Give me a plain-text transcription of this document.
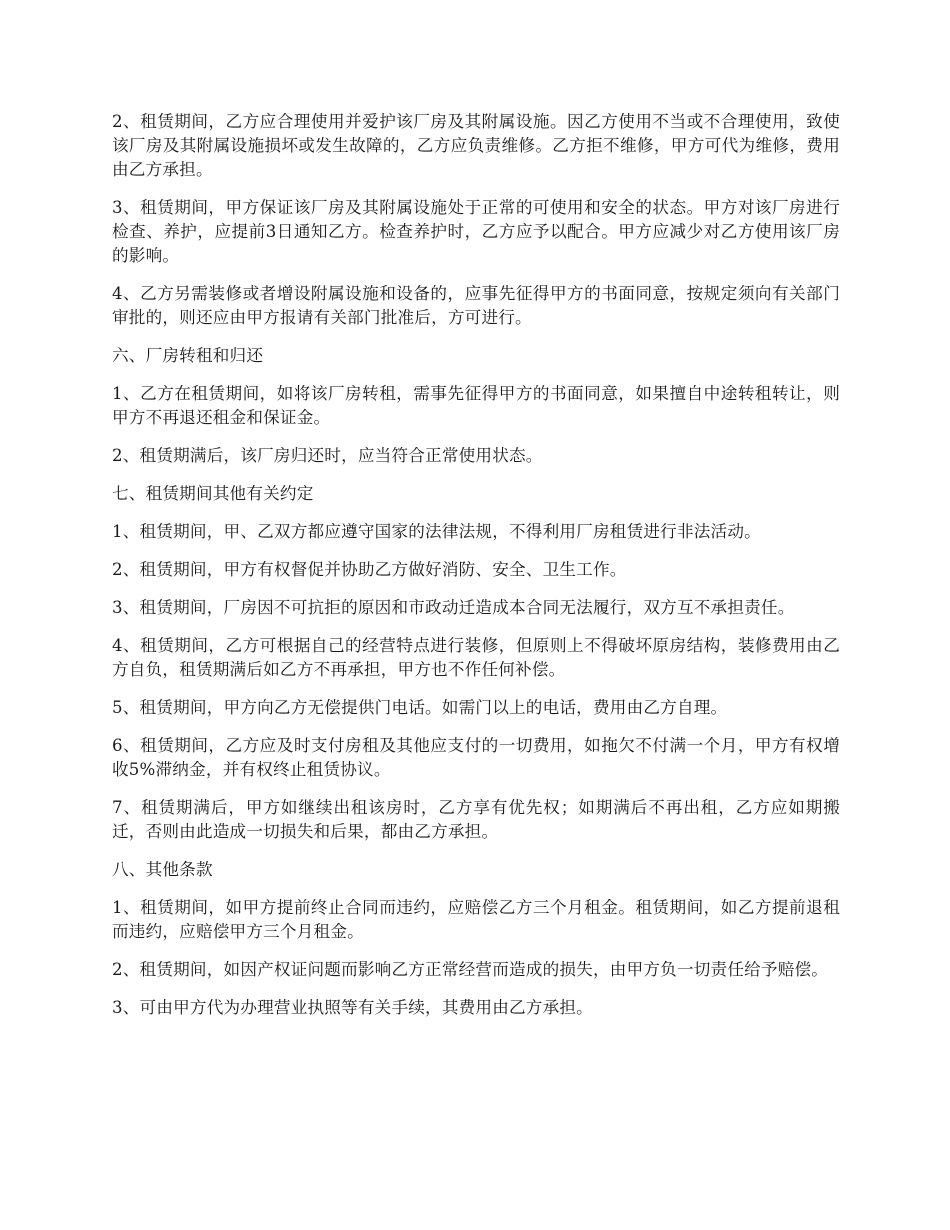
2、租赁期间，乙方应合理使用并爱护该厂房及其附属设施。因乙方使用不当或不合理使用，致使该厂房及其附属设施损坏或发生故障的，乙方应负责维修。乙方拒不维修，甲方可代为维修，费用由乙方承担。

3、租赁期间，甲方保证该厂房及其附属设施处于正常的可使用和安全的状态。甲方对该厂房进行检查、养护，应提前3日通知乙方。检查养护时，乙方应予以配合。甲方应减少对乙方使用该厂房的影响。

4、乙方另需装修或者增设附属设施和设备的，应事先征得甲方的书面同意，按规定须向有关部门审批的，则还应由甲方报请有关部门批准后，方可进行。

六、厂房转租和归还

1、乙方在租赁期间，如将该厂房转租，需事先征得甲方的书面同意，如果擅自中途转租转让，则甲方不再退还租金和保证金。

2、租赁期满后，该厂房归还时，应当符合正常使用状态。

七、租赁期间其他有关约定

1、租赁期间，甲、乙双方都应遵守国家的法律法规，不得利用厂房租赁进行非法活动。

2、租赁期间，甲方有权督促并协助乙方做好消防、安全、卫生工作。

3、租赁期间，厂房因不可抗拒的原因和市政动迁造成本合同无法履行，双方互不承担责任。

4、租赁期间，乙方可根据自己的经营特点进行装修，但原则上不得破坏原房结构，装修费用由乙方自负，租赁期满后如乙方不再承担，甲方也不作任何补偿。

5、租赁期间，甲方向乙方无偿提供门电话。如需门以上的电话，费用由乙方自理。

6、租赁期间，乙方应及时支付房租及其他应支付的一切费用，如拖欠不付满一个月，甲方有权增收5%滞纳金，并有权终止租赁协议。

7、租赁期满后，甲方如继续出租该房时，乙方享有优先权；如期满后不再出租，乙方应如期搬迁，否则由此造成一切损失和后果，都由乙方承担。

八、其他条款

1、租赁期间，如甲方提前终止合同而违约，应赔偿乙方三个月租金。租赁期间，如乙方提前退租而违约，应赔偿甲方三个月租金。

2、租赁期间，如因产权证问题而影响乙方正常经营而造成的损失，由甲方负一切责任给予赔偿。

3、可由甲方代为办理营业执照等有关手续，其费用由乙方承担。
